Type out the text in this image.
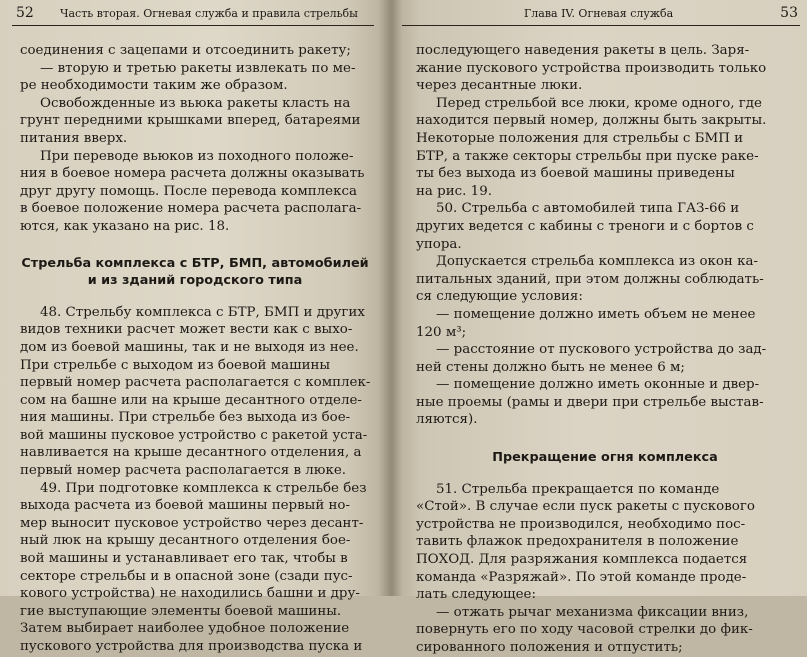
52 Часть вторая. Огневая служба и правила стрельбы
соединения с зацепами и отсоединить ракету;
— вторую и третью ракеты извлекать по ме-
ре необходимости таким же образом.
Освобожденные из вьюка ракеты класть на
грунт передними крышками вперед, батареями
питания вверх.
При переводе вьюков из походного положе-
ния в боевое номера расчета должны оказывать
друг другу помощь. После перевода комплекса
в боевое положение номера расчета располага-
ются, как указано на рис. 18.
Стрельба комплекса с БТР, БМП, автомобилей
и из зданий городского типа
48. Стрельбу комплекса с БТР, БМП и других
видов техники расчет может вести как с выхо-
дом из боевой машины, так и не выходя из нее.
При стрельбе с выходом из боевой машины
первый номер расчета располагается с комплек-
сом на башне или на крыше десантного отделе-
ния машины. При стрельбе без выхода из бое-
вой машины пусковое устройство с ракетой уста-
навливается на крыше десантного отделения, а
первый номер расчета располагается в люке.
49. При подготовке комплекса к стрельбе без
выхода расчета из боевой машины первый но-
мер выносит пусковое устройство через десант-
ный люк на крышу десантного отделения бое-
вой машины и устанавливает его так, чтобы в
секторе стрельбы и в опасной зоне (сзади пус-
кового устройства) не находились башни и дру-
гие выступающие элементы боевой машины.
Затем выбирает наиболее удобное положение
пускового устройства для производства пуска и
Глава IV. Огневая служба	53
последующего наведения ракеты в цель. Заря-
жание пускового устройства производить только
через десантные люки.
Перед стрельбой все люки, кроме одного, где
находится первый номер, должны быть закрыты.
Некоторые положения для стрельбы с БМП и
БТР, а также секторы стрельбы при пуске раке-
ты без выхода из боевой машины приведены
на рис. 19.
50. Стрельба с автомобилей типа ГАЗ-66 и
других ведется с кабины с треноги и с бортов с
упора.
Допускается стрельба комплекса из окон ка-
питальных зданий, при этом должны соблюдать-
ся следующие условия:
— помещение должно иметь объем не менее
120 м³;
— расстояние от пускового устройства до зад-
ней стены должно быть не менее 6 м;
— помещение должно иметь оконные и двер-
ные проемы (рамы и двери при стрельбе выстав-
ляются).
Прекращение огня комплекса
51. Стрельба прекращается по команде
«Стой». В случае если пуск ракеты с пускового
устройства не производился, необходимо пос-
тавить флажок предохранителя в положение
ПОХОД. Для разряжания комплекса подается
команда «Разряжай». По этой команде проде-
лать следующее:
— отжать рычаг механизма фиксации вниз,
повернуть его по ходу часовой стрелки до фик-
сированного положения и отпустить;
